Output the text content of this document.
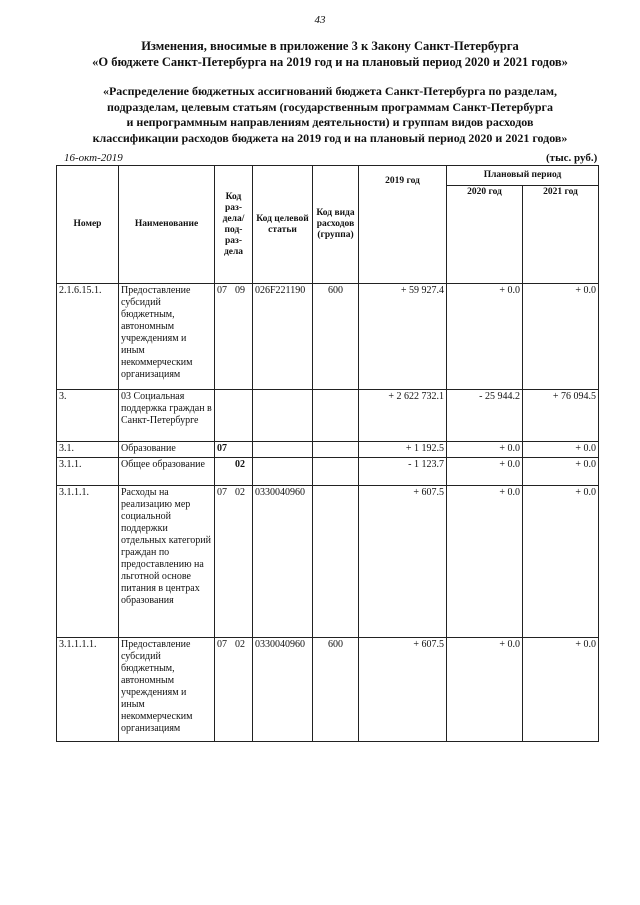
43
Изменения, вносимые в приложение 3 к Закону Санкт-Петербурга
«О бюджете Санкт-Петербурга на 2019 год и на плановый период 2020 и 2021 годов»
«Распределение бюджетных ассигнований бюджета Санкт-Петербурга по разделам,
подразделам, целевым статьям (государственным программам Санкт-Петербурга
и непрограммным направлениям деятельности) и группам видов расходов
классификации расходов бюджета на 2019 год и на плановый период 2020 и 2021 годов»
16-окт-2019	(тыс. руб.)
Номер	Наименование	Код раз-дела/ под-раз-дела	Код целевой статьи	Код вида расходов (группа)	2019 год	Плановый период	
						2020 год	2021 год
2.1.6.15.1.	Предоставление субсидий бюджетным, автономным учреждениям и иным некоммерческим организациям	07 09	026F221190	600	+ 59 927.4	+ 0.0	+ 0.0
3.	03 Социальная поддержка граждан в Санкт-Петербурге				+ 2 622 732.1	- 25 944.2	+ 76 094.5
3.1.	Образование	07			+ 1 192.5	+ 0.0	+ 0.0
3.1.1.	Общее образование	02			- 1 123.7	+ 0.0	+ 0.0
3.1.1.1.	Расходы на реализацию мер социальной поддержки отдельных категорий граждан по предоставлению на льготной основе питания в центрах образования	07 02	0330040960		+ 607.5	+ 0.0	+ 0.0
3.1.1.1.1.	Предоставление субсидий бюджетным, автономным учреждениям и иным некоммерческим организациям	07 02	0330040960	600	+ 607.5	+ 0.0	+ 0.0
